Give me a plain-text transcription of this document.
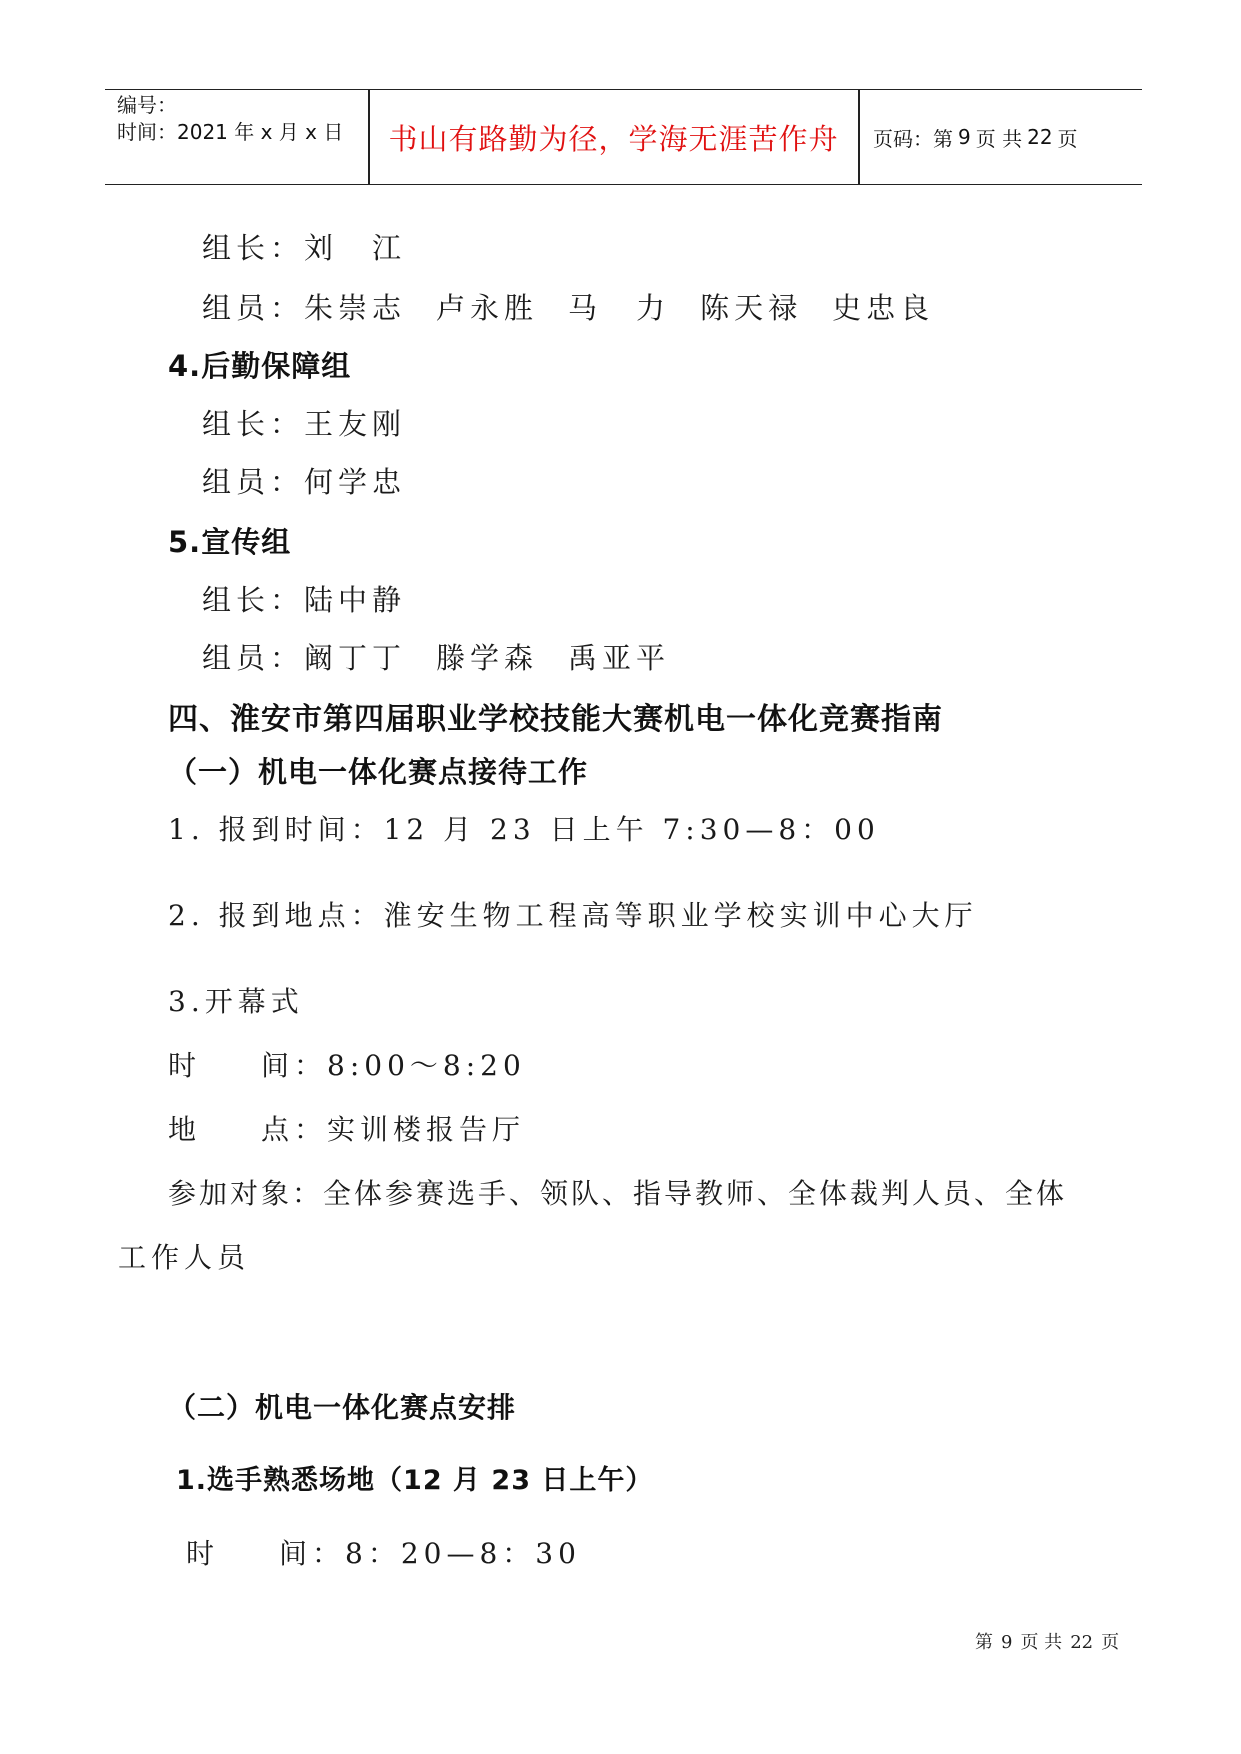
编号：
时间：2021 年 x 月 x 日	书山有路勤为径，学海无涯苦作舟	页码：第 9 页 共 22 页
组长：刘　江
组员：朱崇志 卢永胜 马　力 陈天禄 史忠良
4.后勤保障组
组长：王友刚
组员：何学忠
5.宣传组
组长：陆中静
组员：阚丁丁 滕学森 禹亚平
四、淮安市第四届职业学校技能大赛机电一体化竞赛指南
（一）机电一体化赛点接待工作
1. 报到时间：12 月 23 日上午 7:30—8：00
2. 报到地点：淮安生物工程高等职业学校实训中心大厅
3.开幕式
时 间：8:00～8:20
地 点：实训楼报告厅
参加对象：全体参赛选手、领队、指导教师、全体裁判人员、全体
工作人员
（二）机电一体化赛点安排
1.选手熟悉场地（12 月 23 日上午）
时 间：8：20—8：30
第 9 页 共 22 页
